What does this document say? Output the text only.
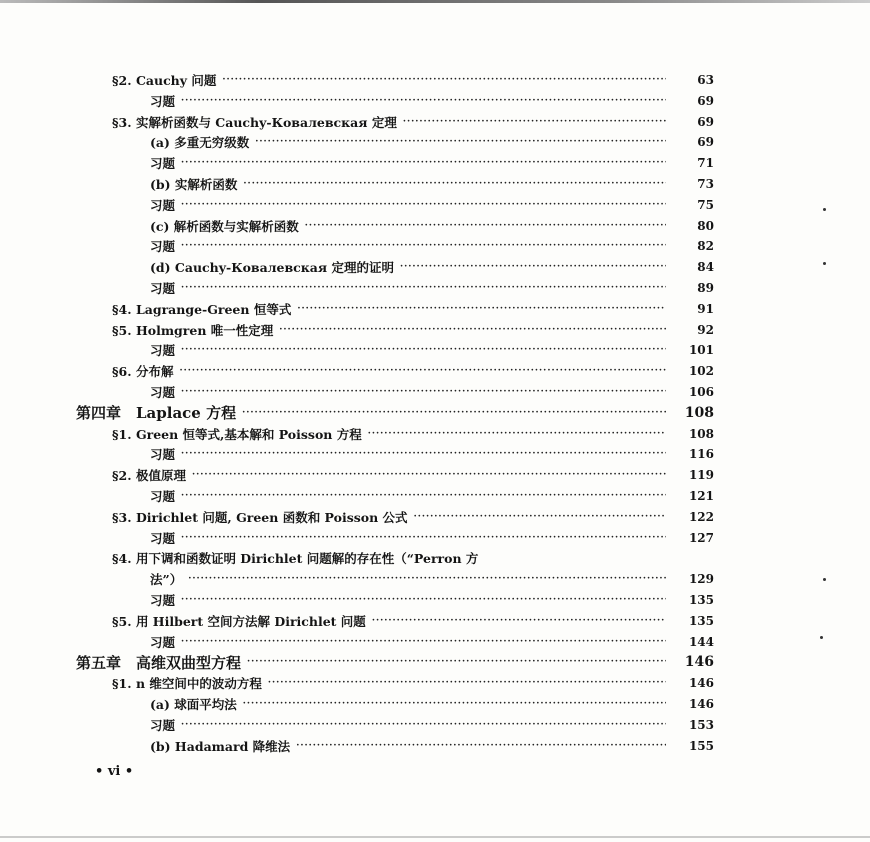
§2. Cauchy 问题 ·····	63
习题 ·····	69
§3. 实解析函数与 Cauchy-Ковалевская 定理 ·····	69
(a) 多重无穷级数 ·····	69
习题 ·····	71
(b) 实解析函数 ·····	73
习题 ·····	75
(c) 解析函数与实解析函数 ·····	80
习题 ·····	82
(d) Cauchy-Ковалевская 定理的证明 ·····	84
习题 ·····	89
§4. Lagrange-Green 恒等式 ·····	91
§5. Holmgren 唯一性定理 ·····	92
习题 ·····	101
§6. 分布解 ·····	102
习题 ·····	106
第四章　Laplace 方程 ·····	108
§1. Green 恒等式,基本解和 Poisson 方程 ·····	108
习题 ·····	116
§2. 极值原理 ·····	119
习题 ·····	121
§3. Dirichlet 问题, Green 函数和 Poisson 公式 ·····	122
习题 ·····	127
§4. 用下调和函数证明 Dirichlet 问题解的存在性（“Perron 方
法”） ·····	129
习题 ·····	135
§5. 用 Hilbert 空间方法解 Dirichlet 问题 ·····	135
习题 ·····	144
第五章　高维双曲型方程 ·····	146
§1. n 维空间中的波动方程 ·····	146
(a) 球面平均法 ·····	146
习题 ·····	153
(b) Hadamard 降维法 ·····	155
• vi •
